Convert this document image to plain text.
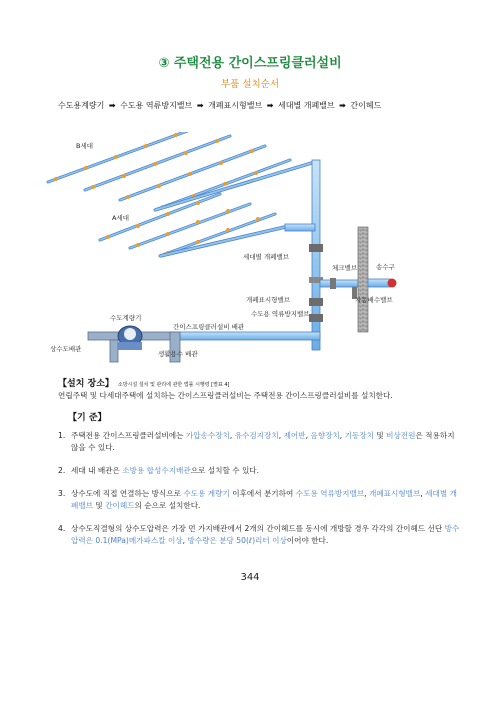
③ 주택전용 간이스프링클러설비
부품 설치순서
수도용계량기 ➡ 수도용 역류방지밸브 ➡ 개폐표시형밸브 ➡ 세대별 개폐밸브 ➡ 간이헤드
B세대
A세대
세대별 개폐밸브
체크밸브	송수구
개폐표시형밸브	자동배수밸브
수도용 역류방지밸브
수도계량기
간이스프링클러설비 배관
상수도배관
생활용수 배관
【설치 장소】 소방시설 설치 및 관리에 관한 법률 시행령 [별표 4]
연립주택 및 다세대주택에 설치하는 간이스프링클러설비는 주택전용 간이스프링클러설비를 설치한다.
【기 준】
1. 주택전용 간이스프링클러설비에는 가압송수장치, 유수검지장치, 제어반, 음향장치, 기동장치 및 비상전원은 적용하지 않을 수 있다.
2. 세대 내 배관은 소방용 합성수지배관으로 설치할 수 있다.
3. 상수도에 직접 연결하는 방식으로 수도용 계량기 이후에서 분기하여 수도용 역류방지밸브, 개폐표시형밸브, 세대별 개폐밸브 및 간이헤드의 순으로 설치한다.
4. 상수도직결형의 상수도압력은 가장 먼 가지배관에서 2개의 간이헤드를 동시에 개방할 경우 각각의 간이헤드 선단 방수압력은 0.1(MPa)메가파스칼 이상, 방수량은 분당 50(ℓ)리터 이상이어야 한다.
344
